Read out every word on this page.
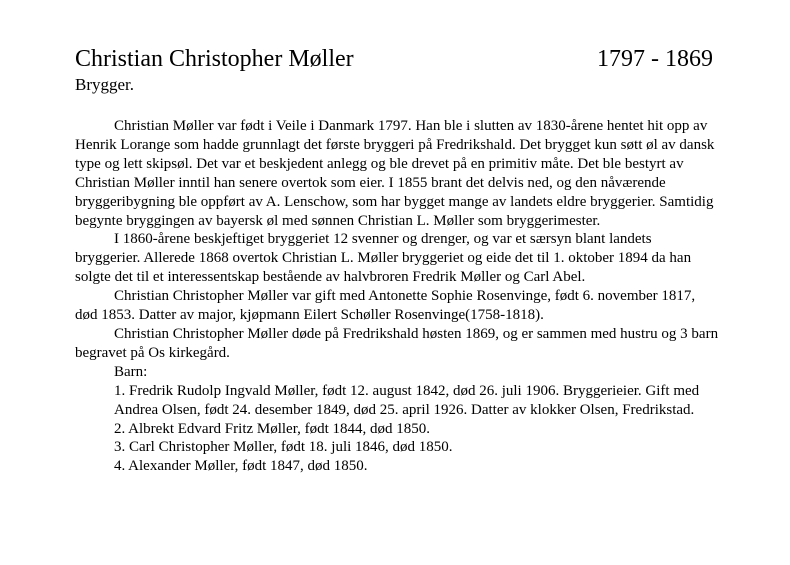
Christian Christopher Møller	1797 - 1869
Brygger.

Christian Møller var født i Veile i Danmark 1797. Han ble i slutten av 1830-årene hentet hit opp av Henrik Lorange som hadde grunnlagt det første bryggeri på Fredrikshald. Det brygget kun søtt øl av dansk type og lett skipsøl. Det var et beskjedent anlegg og ble drevet på en primitiv måte. Det ble bestyrt av Christian Møller inntil han senere overtok som eier. I 1855 brant det delvis ned, og den nåværende bryggeribygning ble oppført av A. Lenschow, som har bygget mange av landets eldre bryggerier. Samtidig begynte bryggingen av bayersk øl med sønnen Christian L. Møller som bryggerimester.

I 1860-årene beskjeftiget bryggeriet 12 svenner og drenger, og var et særsyn blant landets bryggerier. Allerede 1868 overtok Christian L. Møller bryggeriet og eide det til 1. oktober 1894 da han solgte det til et interessentskap bestående av halvbroren Fredrik Møller og Carl Abel.

Christian Christopher Møller var gift med Antonette Sophie Rosenvinge, født 6. november 1817, død 1853. Datter av major, kjøpmann Eilert Schøller Rosenvinge(1758-1818).

Christian Christopher Møller døde på Fredrikshald høsten 1869, og er sammen med hustru og 3 barn begravet på Os kirkegård.

Barn:

1. Fredrik Rudolp Ingvald Møller, født 12. august 1842, død 26. juli 1906. Bryggerieier. Gift med Andrea Olsen, født 24. desember 1849, død 25. april 1926. Datter av klokker Olsen, Fredrikstad.

2. Albrekt Edvard Fritz Møller, født 1844, død 1850.

3. Carl Christopher Møller, født 18. juli 1846, død 1850.

4. Alexander Møller, født 1847, død 1850.
